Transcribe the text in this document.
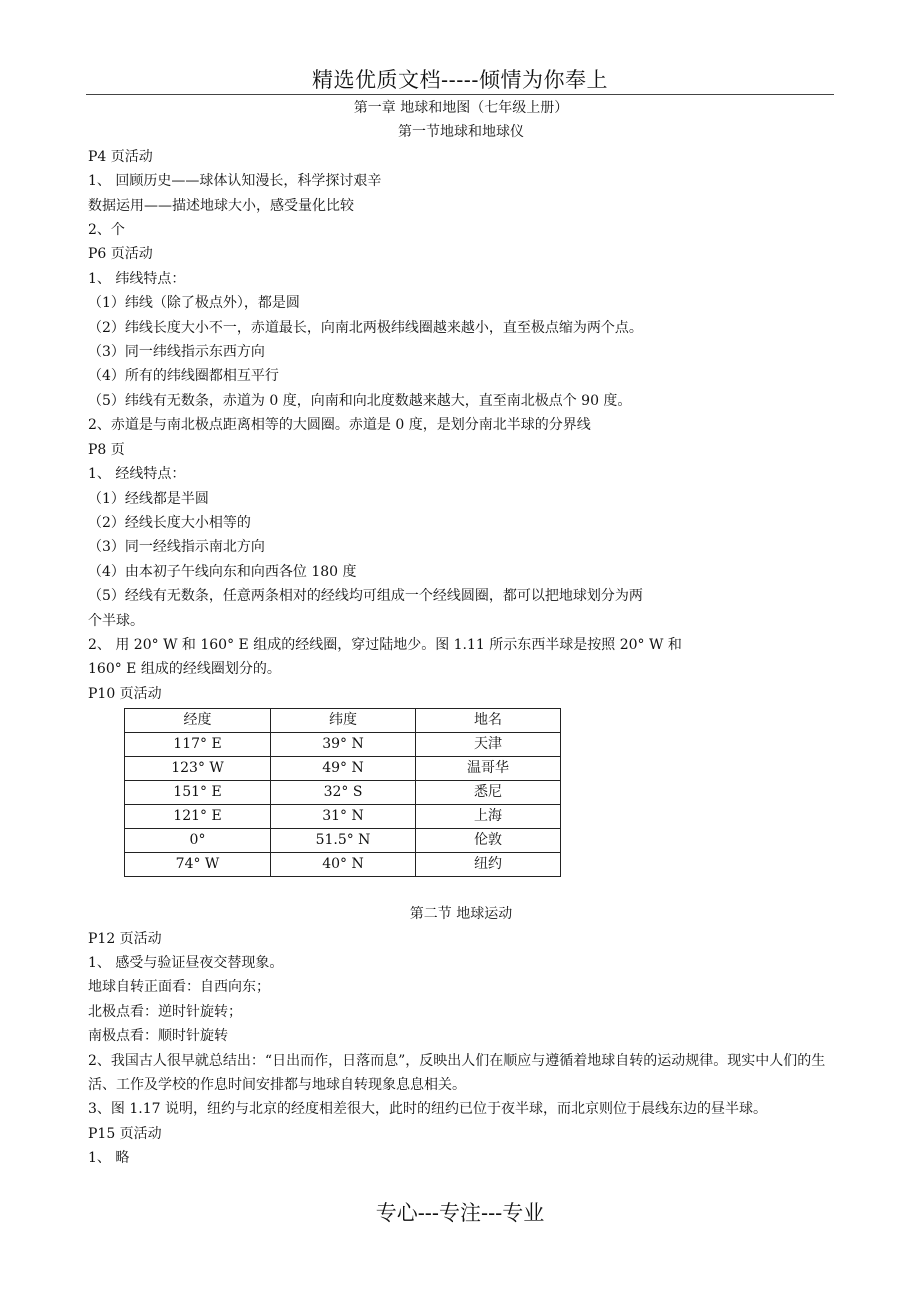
精选优质文档-----倾情为你奉上

第一章 地球和地图（七年级上册）

第一节地球和地球仪

P4 页活动

1、 回顾历史——球体认知漫长，科学探讨艰辛

数据运用——描述地球大小，感受量化比较

2、个

P6 页活动

1、 纬线特点：

（1）纬线（除了极点外），都是圆

（2）纬线长度大小不一，赤道最长，向南北两极纬线圈越来越小，直至极点缩为两个点。

（3）同一纬线指示东西方向

（4）所有的纬线圈都相互平行

（5）纬线有无数条，赤道为 0 度，向南和向北度数越来越大，直至南北极点个 90 度。

2、赤道是与南北极点距离相等的大圆圈。赤道是 0 度，是划分南北半球的分界线

P8 页

1、 经线特点：

（1）经线都是半圆

（2）经线长度大小相等的

（3）同一经线指示南北方向

（4）由本初子午线向东和向西各位 180 度

（5）经线有无数条，任意两条相对的经线均可组成一个经线圆圈，都可以把地球划分为两

个半球。

2、 用 20° W 和 160° E 组成的经线圈，穿过陆地少。图 1.11 所示东西半球是按照 20° W 和

160° E 组成的经线圈划分的。

P10 页活动

经度	纬度	地名
117° E	39° N	天津
123° W	49° N	温哥华
151° E	32° S	悉尼
121° E	31° N	上海
0°	51.5° N	伦敦
74° W	40° N	纽约

第二节 地球运动

P12 页活动

1、 感受与验证昼夜交替现象。

地球自转正面看：自西向东；

北极点看：逆时针旋转；

南极点看：顺时针旋转

2、我国古人很早就总结出：“日出而作，日落而息”，反映出人们在顺应与遵循着地球自转的运动规律。现实中人们的生活、工作及学校的作息时间安排都与地球自转现象息息相关。

3、图 1.17 说明，纽约与北京的经度相差很大，此时的纽约已位于夜半球，而北京则位于晨线东边的昼半球。

P15 页活动

1、 略

专心---专注---专业
